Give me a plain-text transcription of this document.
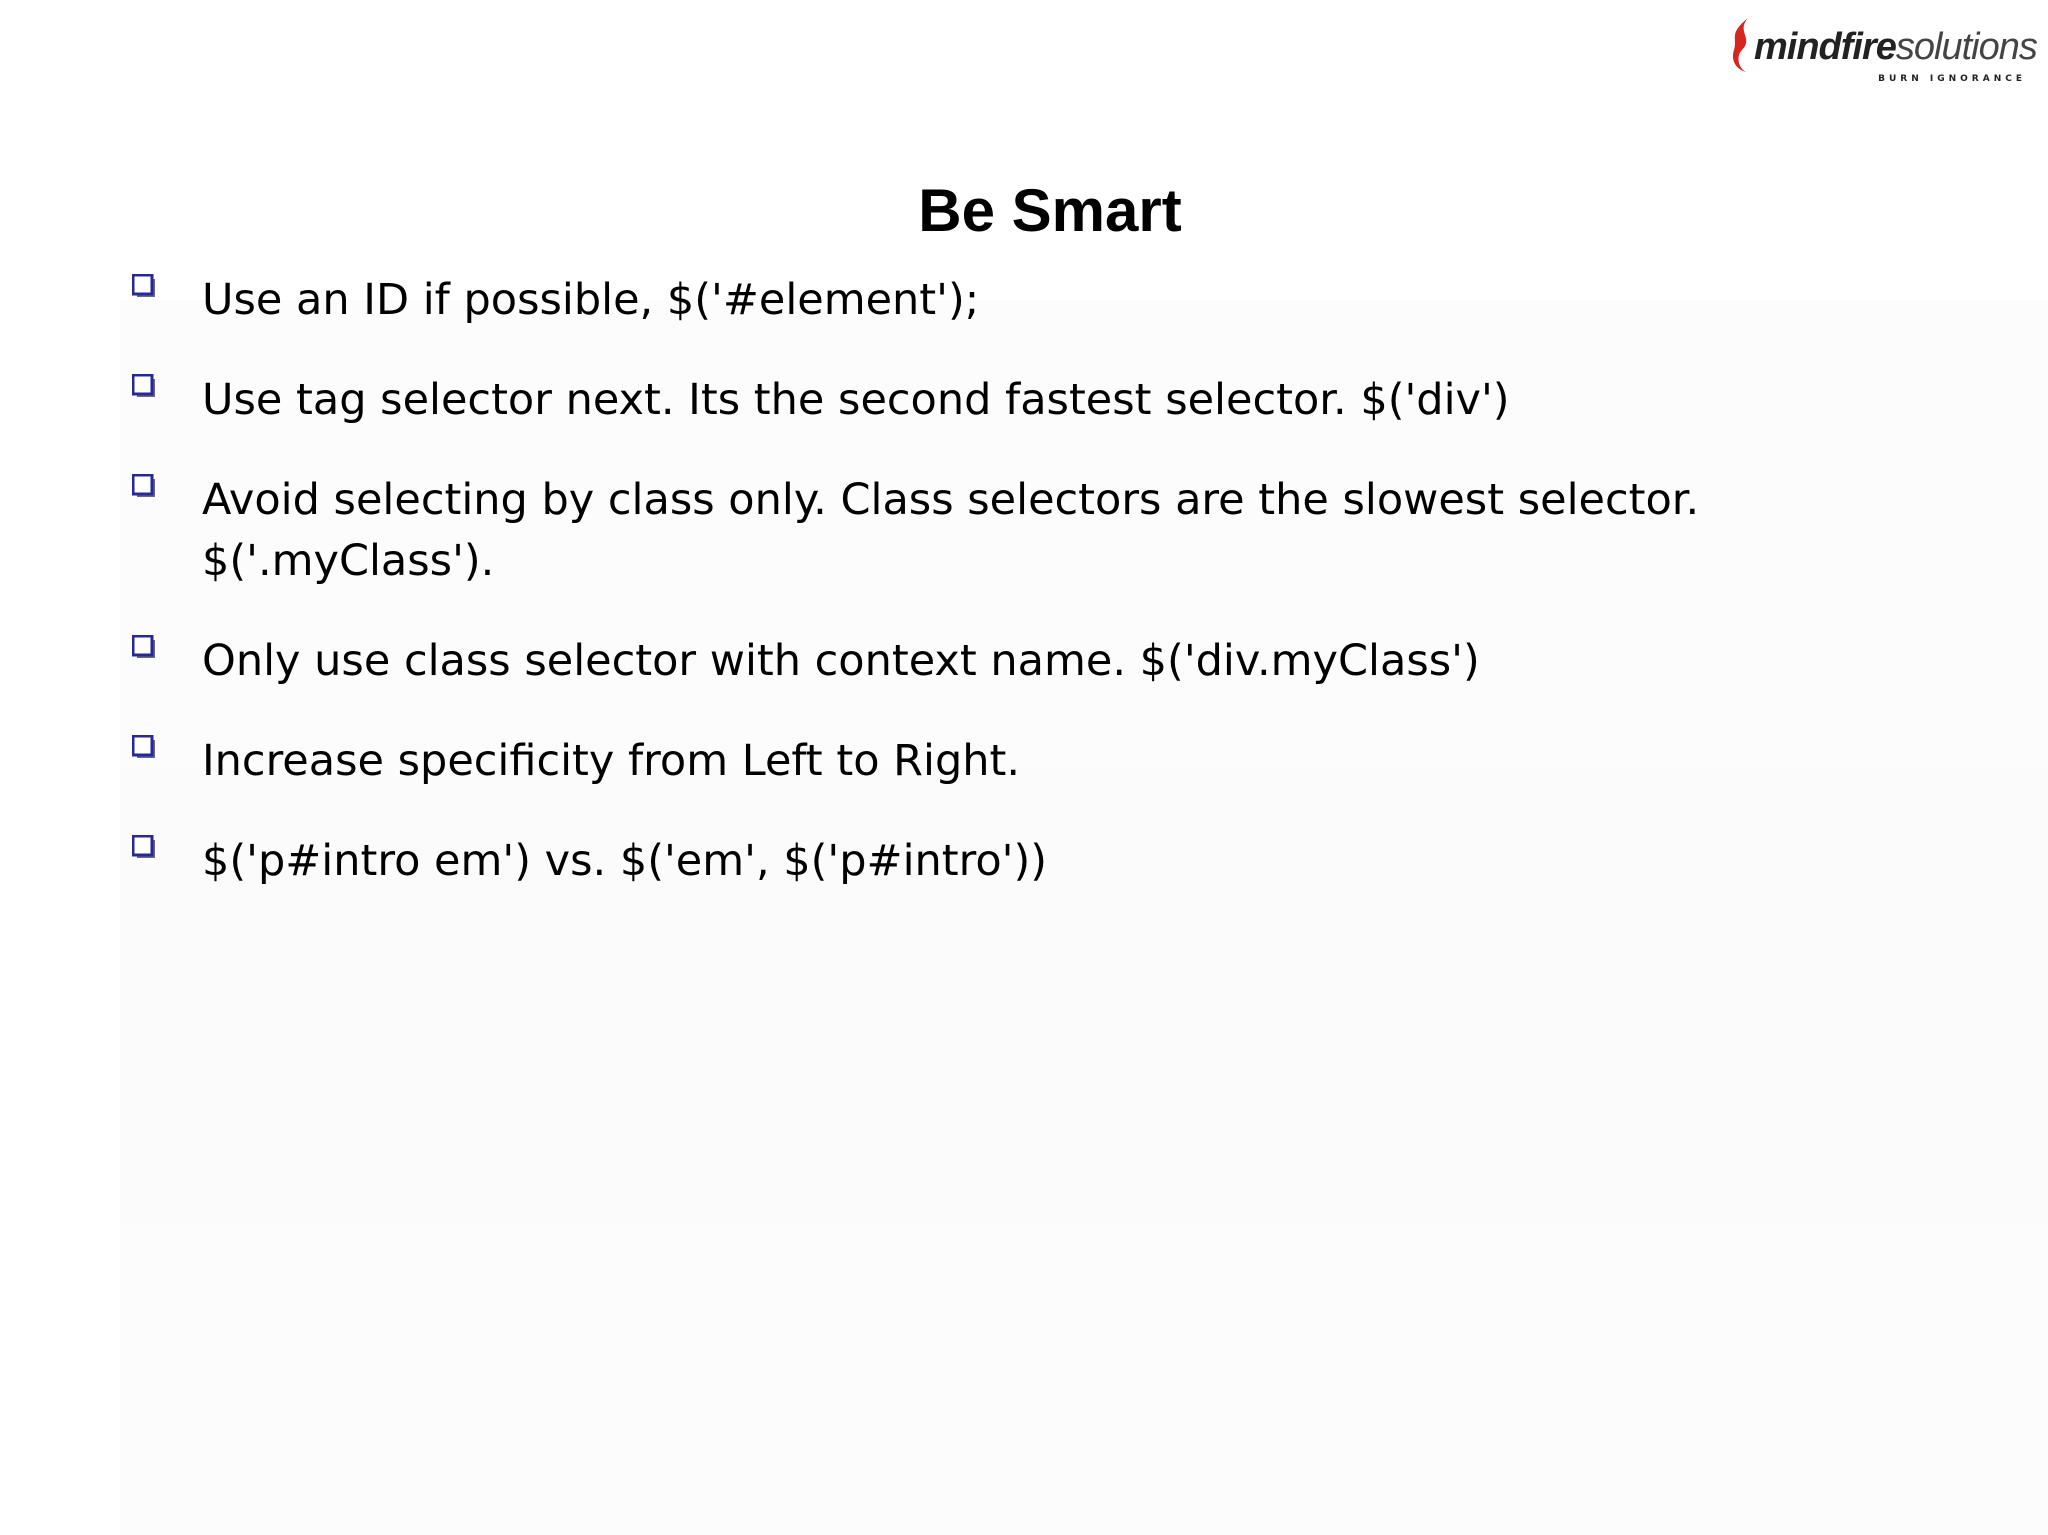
mindfiresolutions
BURN IGNORANCE
Be Smart
Use an ID if possible, $('#element');
Use tag selector next. Its the second fastest selector. $('div')
Avoid selecting by class only. Class selectors are the slowest selector.
$('.myClass').
Only use class selector with context name. $('div.myClass')
Increase specificity from Left to Right.
$('p#intro em') vs. $('em', $('p#intro'))
